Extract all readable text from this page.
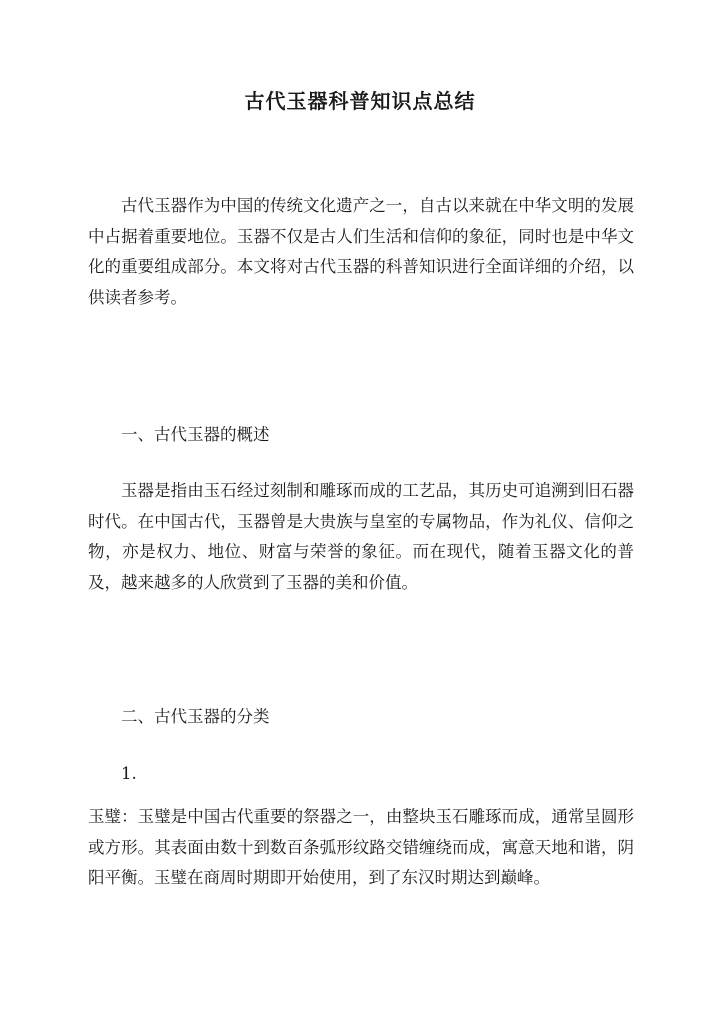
古代玉器科普知识点总结

古代玉器作为中国的传统文化遗产之一，自古以来就在中华文明的发展中占据着重要地位。玉器不仅是古人们生活和信仰的象征，同时也是中华文化的重要组成部分。本文将对古代玉器的科普知识进行全面详细的介绍，以供读者参考。

一、古代玉器的概述

玉器是指由玉石经过刻制和雕琢而成的工艺品，其历史可追溯到旧石器时代。在中国古代，玉器曾是大贵族与皇室的专属物品，作为礼仪、信仰之物，亦是权力、地位、财富与荣誉的象征。而在现代，随着玉器文化的普及，越来越多的人欣赏到了玉器的美和价值。

二、古代玉器的分类

1.

玉璧：玉璧是中国古代重要的祭器之一，由整块玉石雕琢而成，通常呈圆形或方形。其表面由数十到数百条弧形纹路交错缠绕而成，寓意天地和谐，阴阳平衡。玉璧在商周时期即开始使用，到了东汉时期达到巅峰。
